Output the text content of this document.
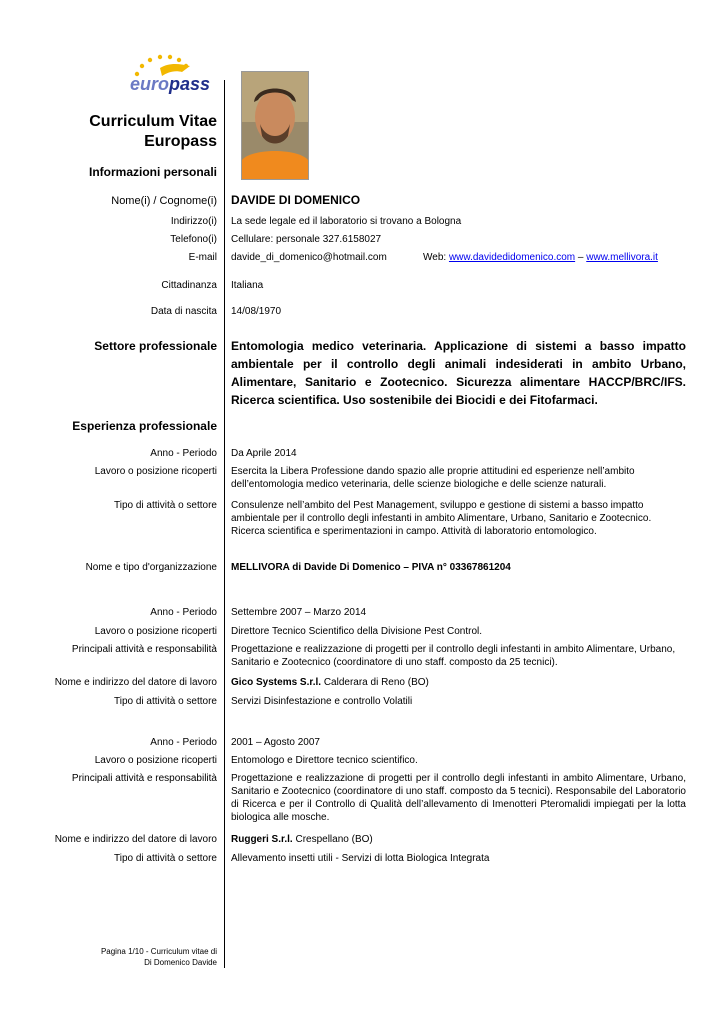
europass
Curriculum Vitae
Europass
Informazioni personali
Nome(i) / Cognome(i) DAVIDE DI DOMENICO
Indirizzo(i) La sede legale ed il laboratorio si trovano a Bologna
Telefono(i) Cellulare: personale 327.6158027
E-mail davide_di_domenico@hotmail.com	Web: www.davidedidomenico.com – www.mellivora.it
Cittadinanza Italiana
Data di nascita 14/08/1970
Settore professionale Entomologia medico veterinaria. Applicazione di sistemi a basso impatto ambientale per il controllo degli animali indesiderati in ambito Urbano, Alimentare, Sanitario e Zootecnico. Sicurezza alimentare HACCP/BRC/IFS. Ricerca scientifica. Uso sostenibile dei Biocidi e dei Fitofarmaci.
Esperienza professionale
Anno - Periodo Da Aprile 2014
Lavoro o posizione ricoperti Esercita la Libera Professione dando spazio alle proprie attitudini ed esperienze nell’ambito dell’entomologia medico veterinaria, delle scienze biologiche e delle scienze naturali.
Tipo di attività o settore Consulenze nell’ambito del Pest Management, sviluppo e gestione di sistemi a basso impatto ambientale per il controllo degli infestanti in ambito Alimentare, Urbano, Sanitario e Zootecnico. Ricerca scientifica e sperimentazioni in campo. Attività di laboratorio entomologico.
Nome e tipo d'organizzazione MELLIVORA di Davide Di Domenico – PIVA n° 03367861204
Anno - Periodo Settembre 2007 – Marzo 2014
Lavoro o posizione ricoperti Direttore Tecnico Scientifico della Divisione Pest Control.
Principali attività e responsabilità Progettazione e realizzazione di progetti per il controllo degli infestanti in ambito Alimentare, Urbano, Sanitario e Zootecnico (coordinatore di uno staff. composto da 25 tecnici).
Nome e indirizzo del datore di lavoro Gico Systems S.r.l. Calderara di Reno (BO)
Tipo di attività o settore Servizi Disinfestazione e controllo Volatili
Anno - Periodo 2001 – Agosto 2007
Lavoro o posizione ricoperti Entomologo e Direttore tecnico scientifico.
Principali attività e responsabilità Progettazione e realizzazione di progetti per il controllo degli infestanti in ambito Alimentare, Urbano, Sanitario e Zootecnico (coordinatore di uno staff. composto da 5 tecnici). Responsabile del Laboratorio di Ricerca e per il Controllo di Qualità dell’allevamento di Imenotteri Pteromalidi impiegati per la lotta biologica alle mosche.
Nome e indirizzo del datore di lavoro Ruggeri S.r.l. Crespellano (BO)
Tipo di attività o settore Allevamento insetti utili - Servizi di lotta Biologica Integrata
Pagina 1/10 - Curriculum vitae di
Di Domenico Davide
